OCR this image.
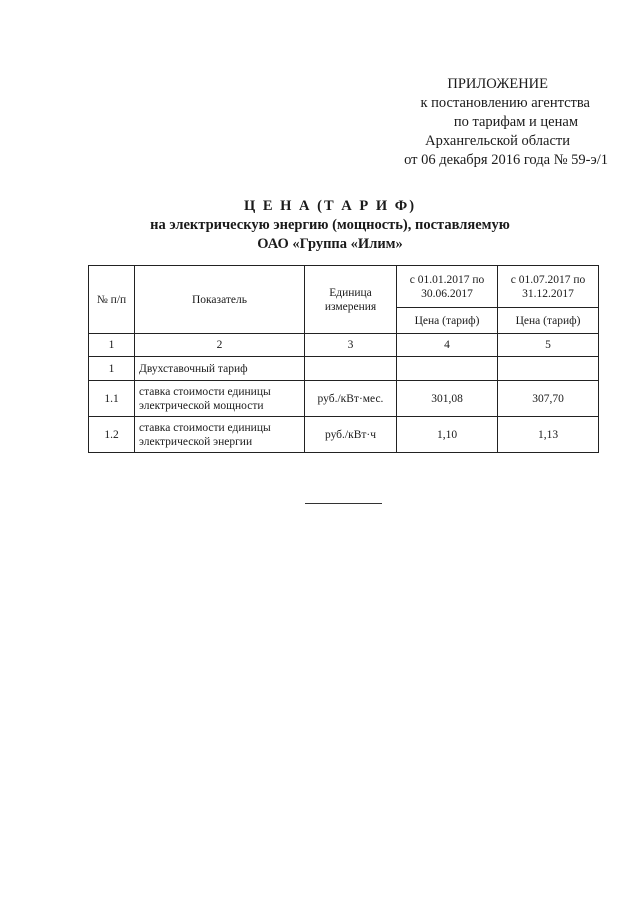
ПРИЛОЖЕНИЕ
к постановлению агентства
по тарифам и ценам
Архангельской области
от 06 декабря 2016 года № 59-э/1
Ц Е Н А (Т А Р И Ф)
на электрическую энергию (мощность), поставляемую
ОАО «Группа «Илим»
№ п/п	Показатель	Единица измерения	с 01.01.2017 по 30.06.2017	с 01.07.2017 по 31.12.2017
			Цена (тариф)	Цена (тариф)
1	2	3	4	5
1	Двухставочный тариф			
1.1	ставка стоимости единицы электрической мощности	руб./кВт·мес.	301,08	307,70
1.2	ставка стоимости единицы электрической энергии	руб./кВт·ч	1,10	1,13
